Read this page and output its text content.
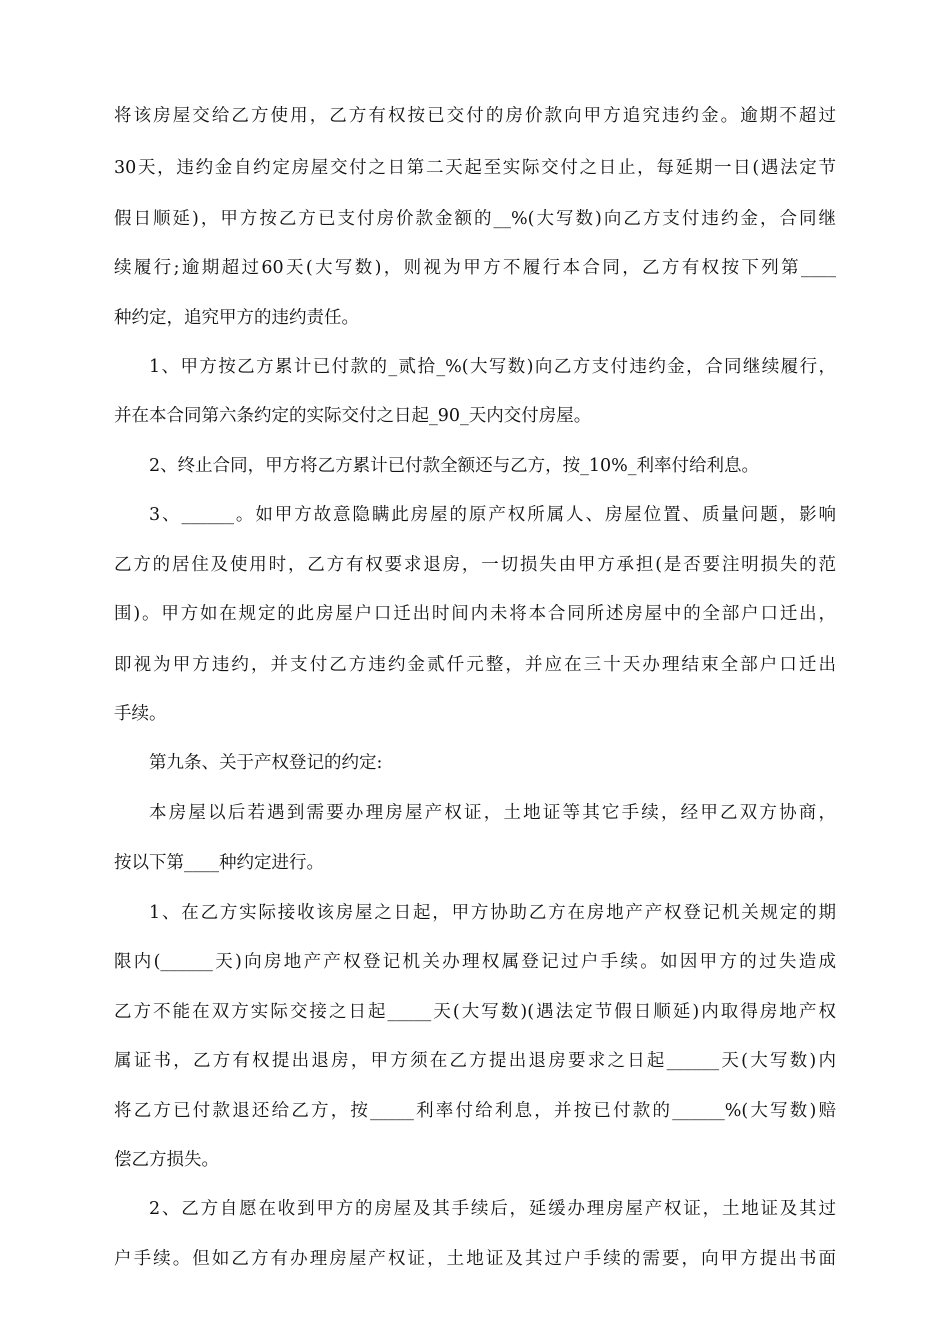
将该房屋交给乙方使用，乙方有权按已交付的房价款向甲方追究违约金。逾期不超过
30天，违约金自约定房屋交付之日第二天起至实际交付之日止，每延期一日(遇法定节
假日顺延)，甲方按乙方已支付房价款金额的__%(大写数)向乙方支付违约金，合同继
续履行;逾期超过60天(大写数)，则视为甲方不履行本合同，乙方有权按下列第____
种约定，追究甲方的违约责任。
1、甲方按乙方累计已付款的_贰拾_%(大写数)向乙方支付违约金，合同继续履行，
并在本合同第六条约定的实际交付之日起_90_天内交付房屋。
2、终止合同，甲方将乙方累计已付款全额还与乙方，按_10%_利率付给利息。
3、______。如甲方故意隐瞒此房屋的原产权所属人、房屋位置、质量问题，影响
乙方的居住及使用时，乙方有权要求退房，一切损失由甲方承担(是否要注明损失的范
围)。甲方如在规定的此房屋户口迁出时间内未将本合同所述房屋中的全部户口迁出，
即视为甲方违约，并支付乙方违约金贰仟元整，并应在三十天办理结束全部户口迁出
手续。
第九条、关于产权登记的约定:
本房屋以后若遇到需要办理房屋产权证，土地证等其它手续，经甲乙双方协商，
按以下第____种约定进行。
1、在乙方实际接收该房屋之日起，甲方协助乙方在房地产产权登记机关规定的期
限内(______天)向房地产产权登记机关办理权属登记过户手续。如因甲方的过失造成
乙方不能在双方实际交接之日起_____天(大写数)(遇法定节假日顺延)内取得房地产权
属证书，乙方有权提出退房，甲方须在乙方提出退房要求之日起______天(大写数)内
将乙方已付款退还给乙方，按_____利率付给利息，并按已付款的______%(大写数)赔
偿乙方损失。
2、乙方自愿在收到甲方的房屋及其手续后，延缓办理房屋产权证，土地证及其过
户手续。但如乙方有办理房屋产权证，土地证及其过户手续的需要，向甲方提出书面
